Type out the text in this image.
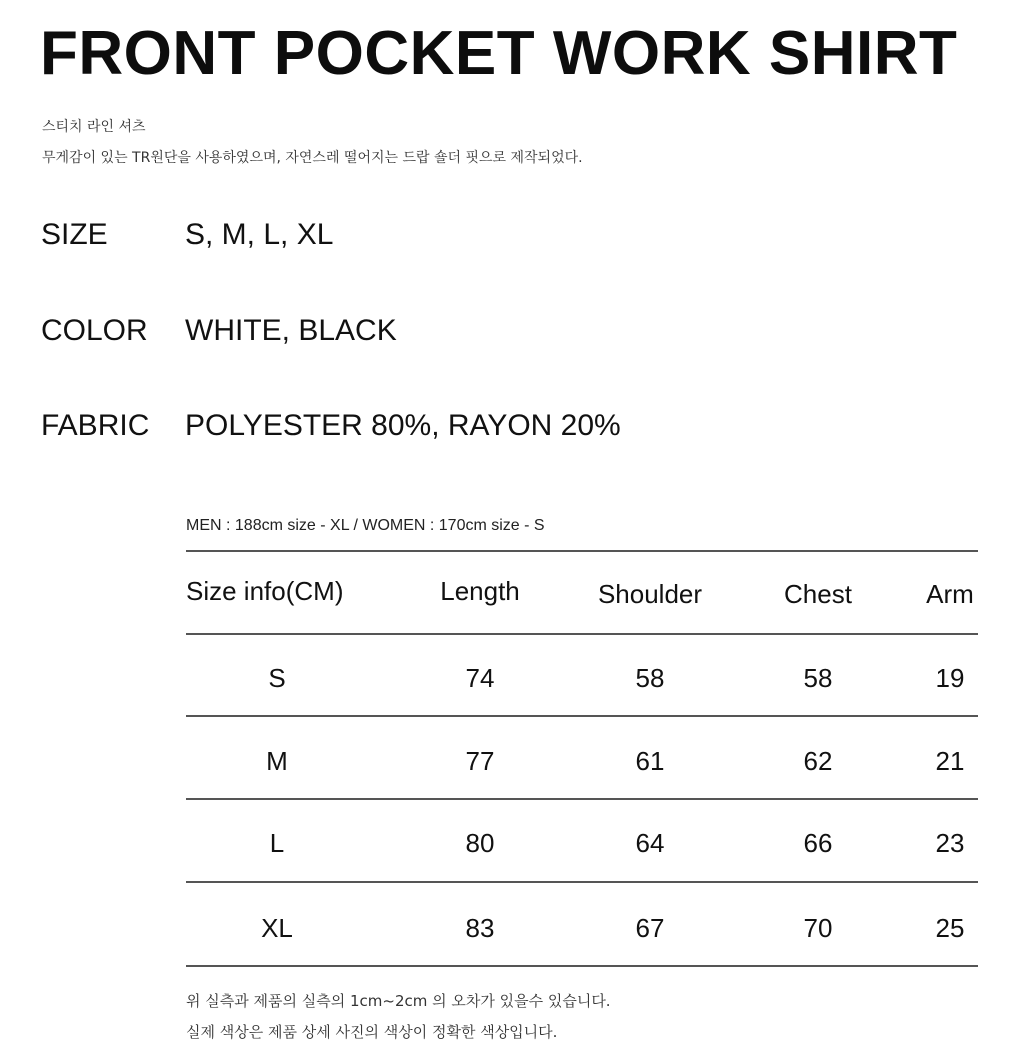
FRONT POCKET WORK SHIRT
스티치 라인 셔츠
무게감이 있는 TR원단을 사용하였으며, 자연스레 떨어지는 드랍 숄더 핏으로 제작되었다.
SIZE	S, M, L, XL
COLOR WHITE, BLACK
FABRIC POLYESTER 80%, RAYON 20%
MEN : 188cm size - XL / WOMEN : 170cm size - S
Size info(CM)	Length	Shoulder	Chest	Arm
S	74	58	58	19
M	77	61	62	21
L	80	64	66	23
XL	83	67	70	25
위 실측과 제품의 실측의 1cm~2cm 의 오차가 있을수 있습니다.
실제 색상은 제품 상세 사진의 색상이 정확한 색상입니다.
